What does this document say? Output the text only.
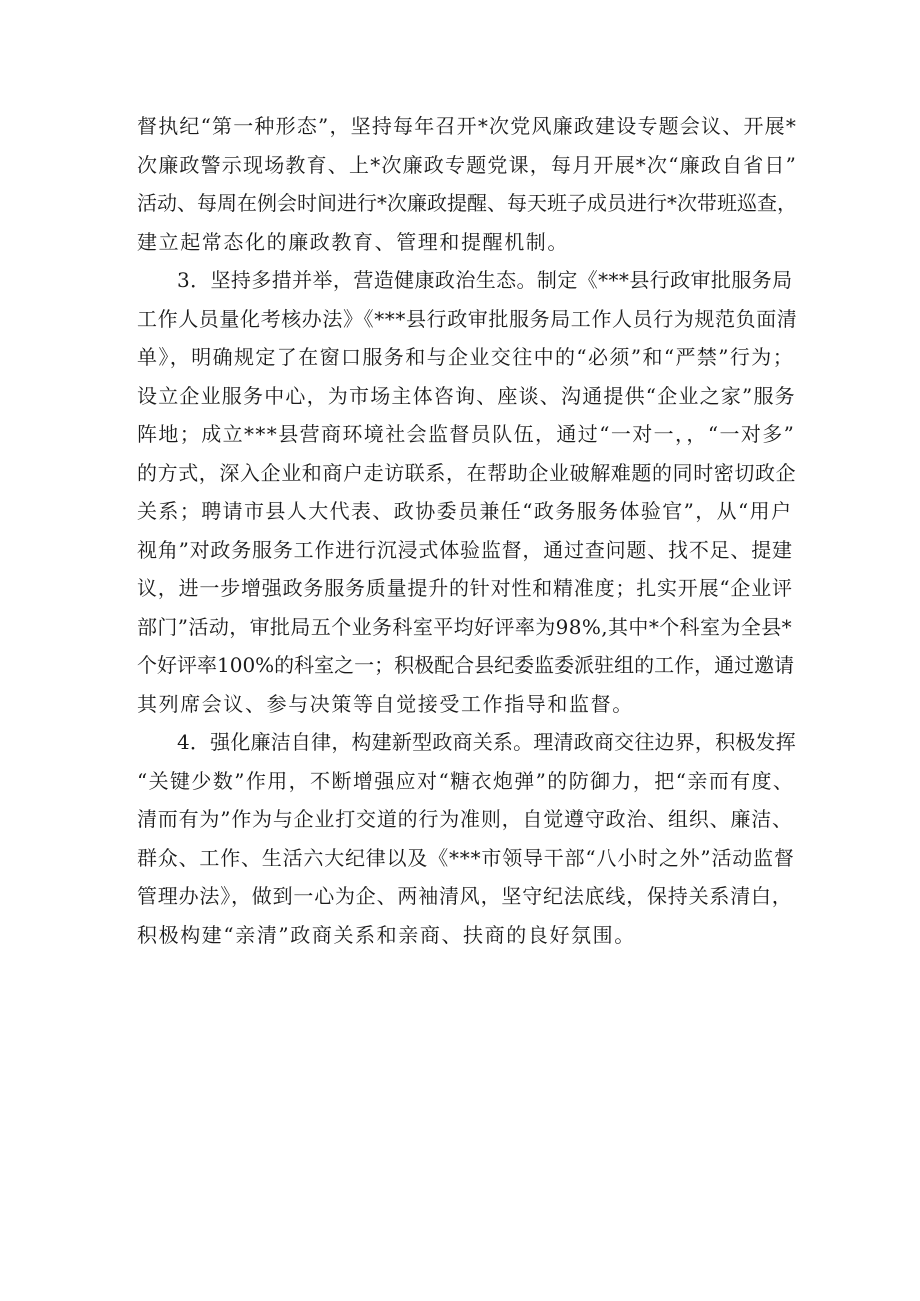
督执纪“第一种形态”，坚持每年召开*次党风廉政建设专题会议、开展*
次廉政警示现场教育、上*次廉政专题党课，每月开展*次“廉政自省日”
活动、每周在例会时间进行*次廉政提醒、每天班子成员进行*次带班巡查，
建立起常态化的廉政教育、管理和提醒机制。
3．坚持多措并举，营造健康政治生态。制定《***县行政审批服务局
工作人员量化考核办法》《***县行政审批服务局工作人员行为规范负面清
单》，明确规定了在窗口服务和与企业交往中的“必须”和“严禁”行为；
设立企业服务中心，为市场主体咨询、座谈、沟通提供“企业之家”服务
阵地；成立***县营商环境社会监督员队伍，通过“一对一，，“一对多”
的方式，深入企业和商户走访联系，在帮助企业破解难题的同时密切政企
关系；聘请市县人大代表、政协委员兼任“政务服务体验官”，从“用户
视角”对政务服务工作进行沉浸式体验监督，通过查问题、找不足、提建
议，进一步增强政务服务质量提升的针对性和精准度；扎实开展“企业评
部门”活动，审批局五个业务科室平均好评率为98%,其中*个科室为全县*
个好评率100%的科室之一；积极配合县纪委监委派驻组的工作，通过邀请
其列席会议、参与决策等自觉接受工作指导和监督。
4．强化廉洁自律，构建新型政商关系。理清政商交往边界，积极发挥
“关键少数”作用，不断增强应对“糖衣炮弹”的防御力，把“亲而有度、
清而有为”作为与企业打交道的行为准则，自觉遵守政治、组织、廉洁、
群众、工作、生活六大纪律以及《***市领导干部“八小时之外”活动监督
管理办法》，做到一心为企、两袖清风，坚守纪法底线，保持关系清白，
积极构建“亲清”政商关系和亲商、扶商的良好氛围。
